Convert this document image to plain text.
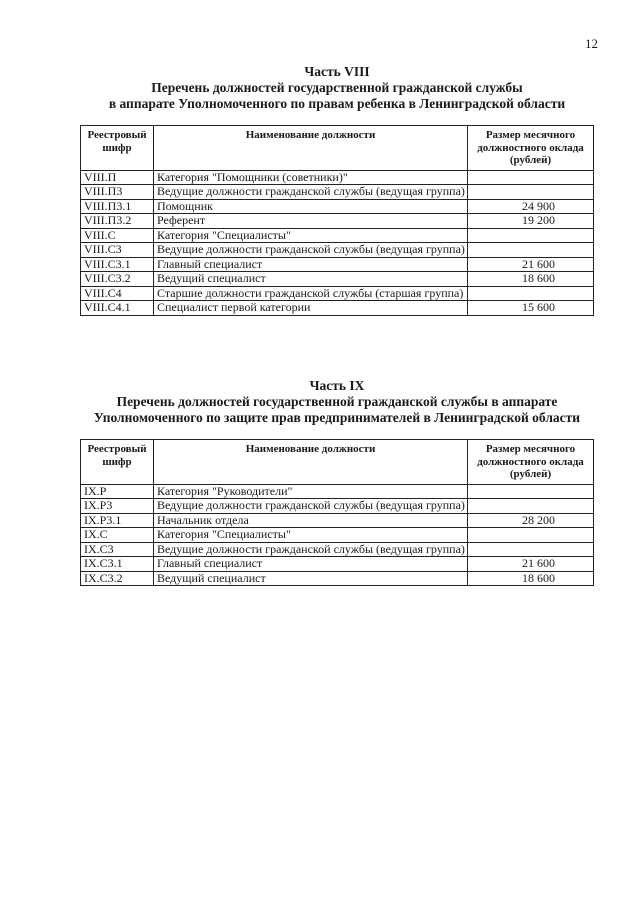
12

Часть VIII

Перечень должностей государственной гражданской службы

в аппарате Уполномоченного по правам ребенка в Ленинградской области

Реестровый шифр	Наименование должности	Размер месячного должностного оклада (рублей)
VIII.П	Категория "Помощники (советники)"	
VIII.П3	Ведущие должности гражданской службы (ведущая группа)	
VIII.П3.1	Помощник	24 900
VIII.П3.2	Референт	19 200
VIII.С	Категория "Специалисты"	
VIII.С3	Ведущие должности гражданской службы (ведущая группа)	
VIII.С3.1	Главный специалист	21 600
VIII.С3.2	Ведущий специалист	18 600
VIII.С4	Старшие должности гражданской службы (старшая группа)	
VIII.С4.1	Специалист первой категории	15 600

Часть IX

Перечень должностей государственной гражданской службы в аппарате

Уполномоченного по защите прав предпринимателей в Ленинградской области

Реестровый шифр	Наименование должности	Размер месячного должностного оклада (рублей)
IX.Р	Категория "Руководители"	
IX.Р3	Ведущие должности гражданской службы (ведущая группа)	
IX.Р3.1	Начальник отдела	28 200
IX.С	Категория "Специалисты"	
IX.С3	Ведущие должности гражданской службы (ведущая группа)	
IX.С3.1	Главный специалист	21 600
IX.С3.2	Ведущий специалист	18 600
